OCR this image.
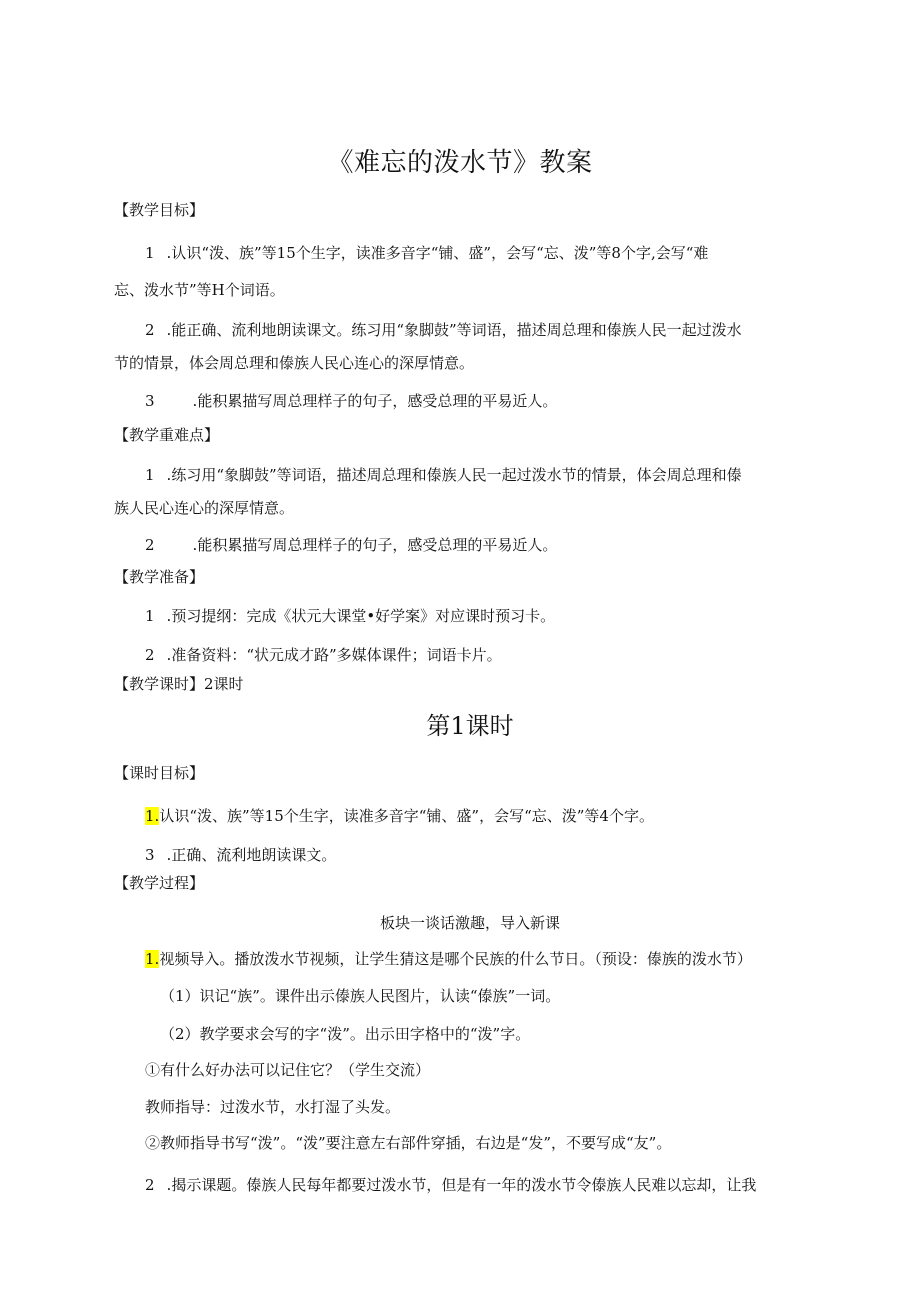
《难忘的泼水节》教案
【教学目标】
1 .认识“泼、族”等15个生字，读准多音字“铺、盛”，会写“忘、泼”等8个字,会写“难
忘、泼水节”等H个词语。
2 .能正确、流利地朗读课文。练习用“象脚鼓”等词语，描述周总理和傣族人民一起过泼水
节的情景，体会周总理和傣族人民心连心的深厚情意。
3	.能积累描写周总理样子的句子，感受总理的平易近人。
【教学重难点】
1 .练习用“象脚鼓”等词语，描述周总理和傣族人民一起过泼水节的情景，体会周总理和傣
族人民心连心的深厚情意。
2	.能积累描写周总理样子的句子，感受总理的平易近人。
【教学准备】
1 .预习提纲：完成《状元大课堂•好学案》对应课时预习卡。
2 .准备资料：“状元成才路”多媒体课件；词语卡片。
【教学课时】2课时
第1课时
【课时目标】
1.认识“泼、族”等15个生字，读准多音字“铺、盛”，会写“忘、泼”等4个字。
3 .正确、流利地朗读课文。
【教学过程】
板块一谈话激趣，导入新课
1.视频导入。播放泼水节视频，让学生猜这是哪个民族的什么节日。（预设：傣族的泼水节）
（1）识记“族”。课件出示傣族人民图片，认读“傣族”一词。
（2）教学要求会写的字“泼”。出示田字格中的“泼”字。
①有什么好办法可以记住它？（学生交流）
教师指导：过泼水节，水打湿了头发。
②教师指导书写“泼”。“泼”要注意左右部件穿插，右边是“发”，不要写成“友”。
2 .揭示课题。傣族人民每年都要过泼水节，但是有一年的泼水节令傣族人民难以忘却，让我
